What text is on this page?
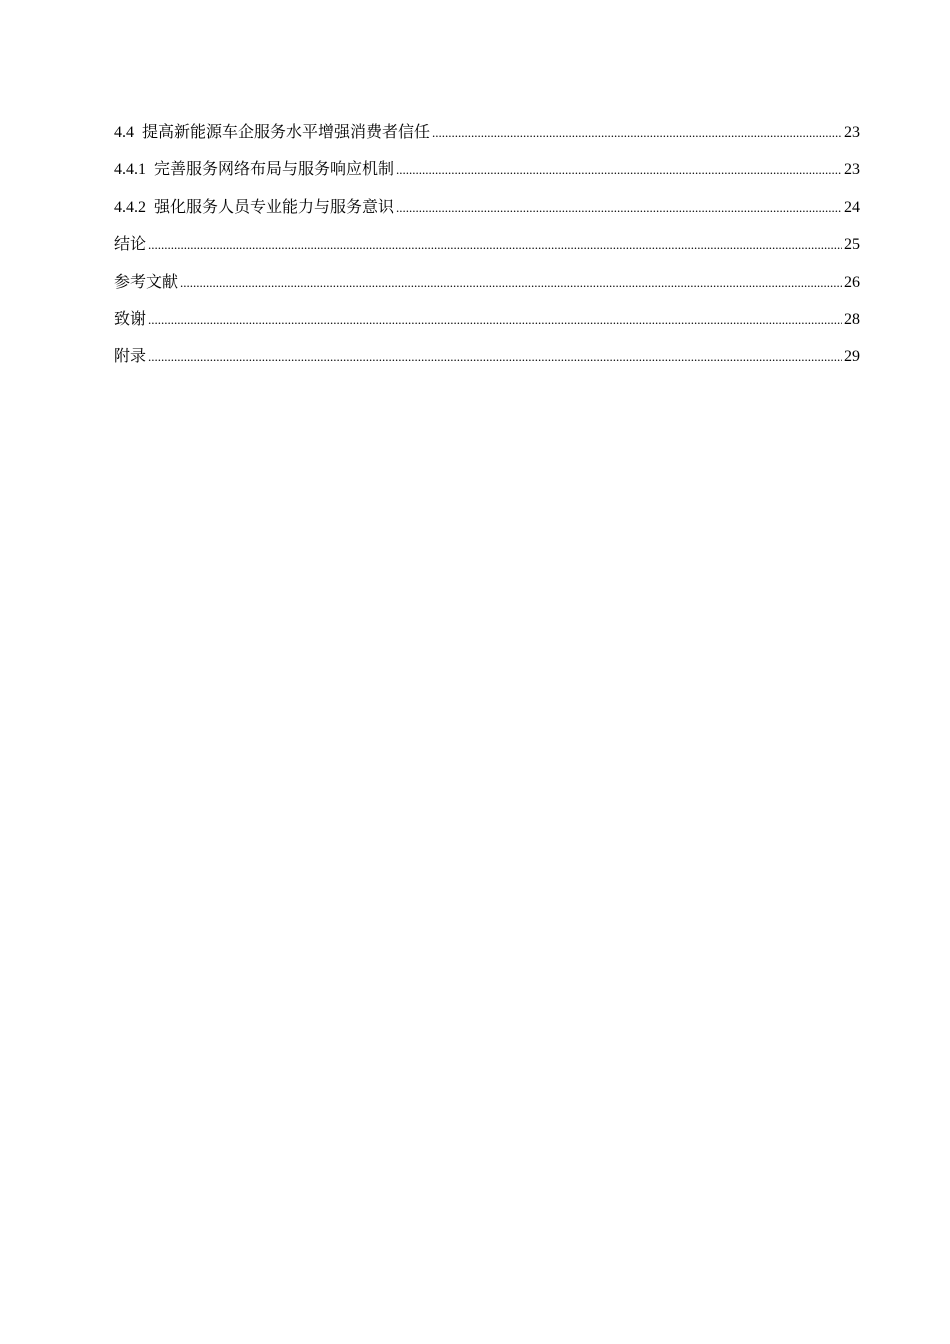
4.4 提高新能源车企服务水平增强消费者信任 .....	23
4.4.1 完善服务网络布局与服务响应机制 .....	23
4.4.2 强化服务人员专业能力与服务意识 .....	24
结论 .....	25
参考文献 .....	26
致谢 .....	28
附录 .....	29
